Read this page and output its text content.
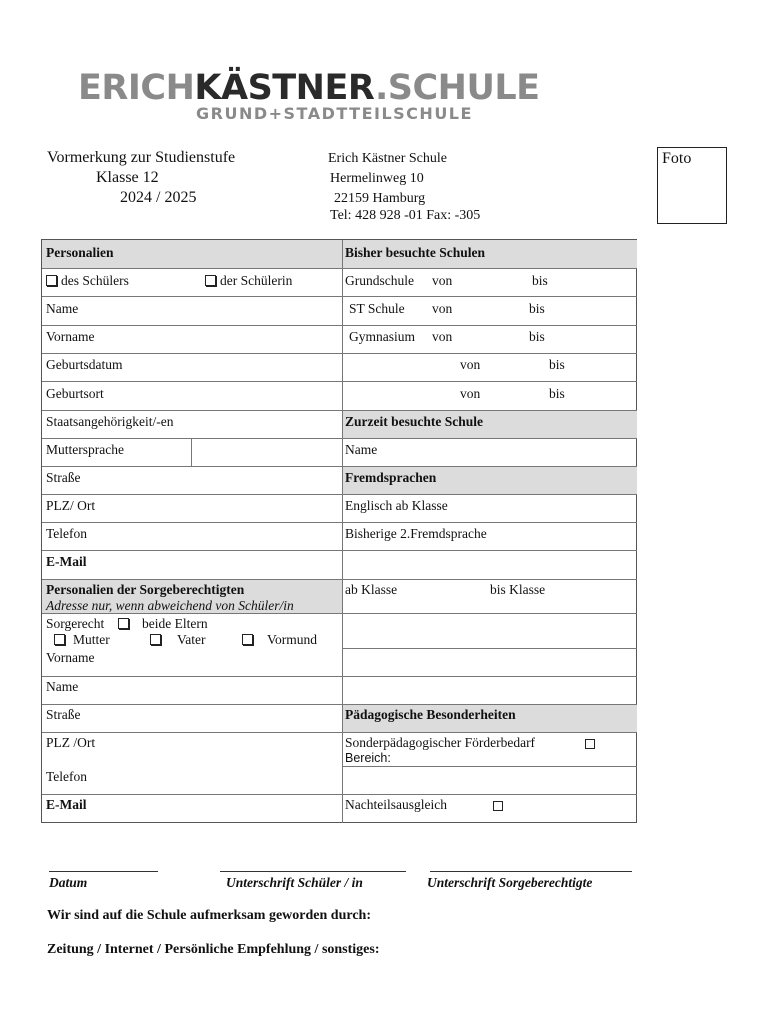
ERICHKÄSTNER.SCHULE
GRUND+STADTTEILSCHULE
Vormerkung zur Studienstufe
Klasse 12
2024 / 2025
Erich Kästner Schule
Hermelinweg 10
22159 Hamburg
Tel: 428 928 -01 Fax: -305
Foto
Personalien
des Schülers	der Schülerin
Name
Vorname
Geburtsdatum
Geburtsort
Staatsangehörigkeit/-en
Muttersprache
Straße
PLZ/ Ort
Telefon
E-Mail
Personalien der Sorgeberechtigten
Adresse nur, wenn abweichend von Schüler/in
Sorgerecht	beide Eltern
Mutter	Vater	Vormund
Vorname
Name
Straße
PLZ /Ort
Telefon
E-Mail
Bisher besuchte Schulen
Grundschule von	bis
ST Schule von	bis
Gymnasium von	bis
von	bis
von	bis
Zurzeit besuchte Schule
Name
Fremdsprachen
Englisch ab Klasse
Bisherige 2.Fremdsprache
ab Klasse	bis Klasse
Pädagogische Besonderheiten
Sonderpädagogischer Förderbedarf
Bereich:
Nachteilsausgleich
Datum	Unterschrift Schüler / in	Unterschrift Sorgeberechtigte
Wir sind auf die Schule aufmerksam geworden durch:
Zeitung / Internet / Persönliche Empfehlung / sonstiges:
